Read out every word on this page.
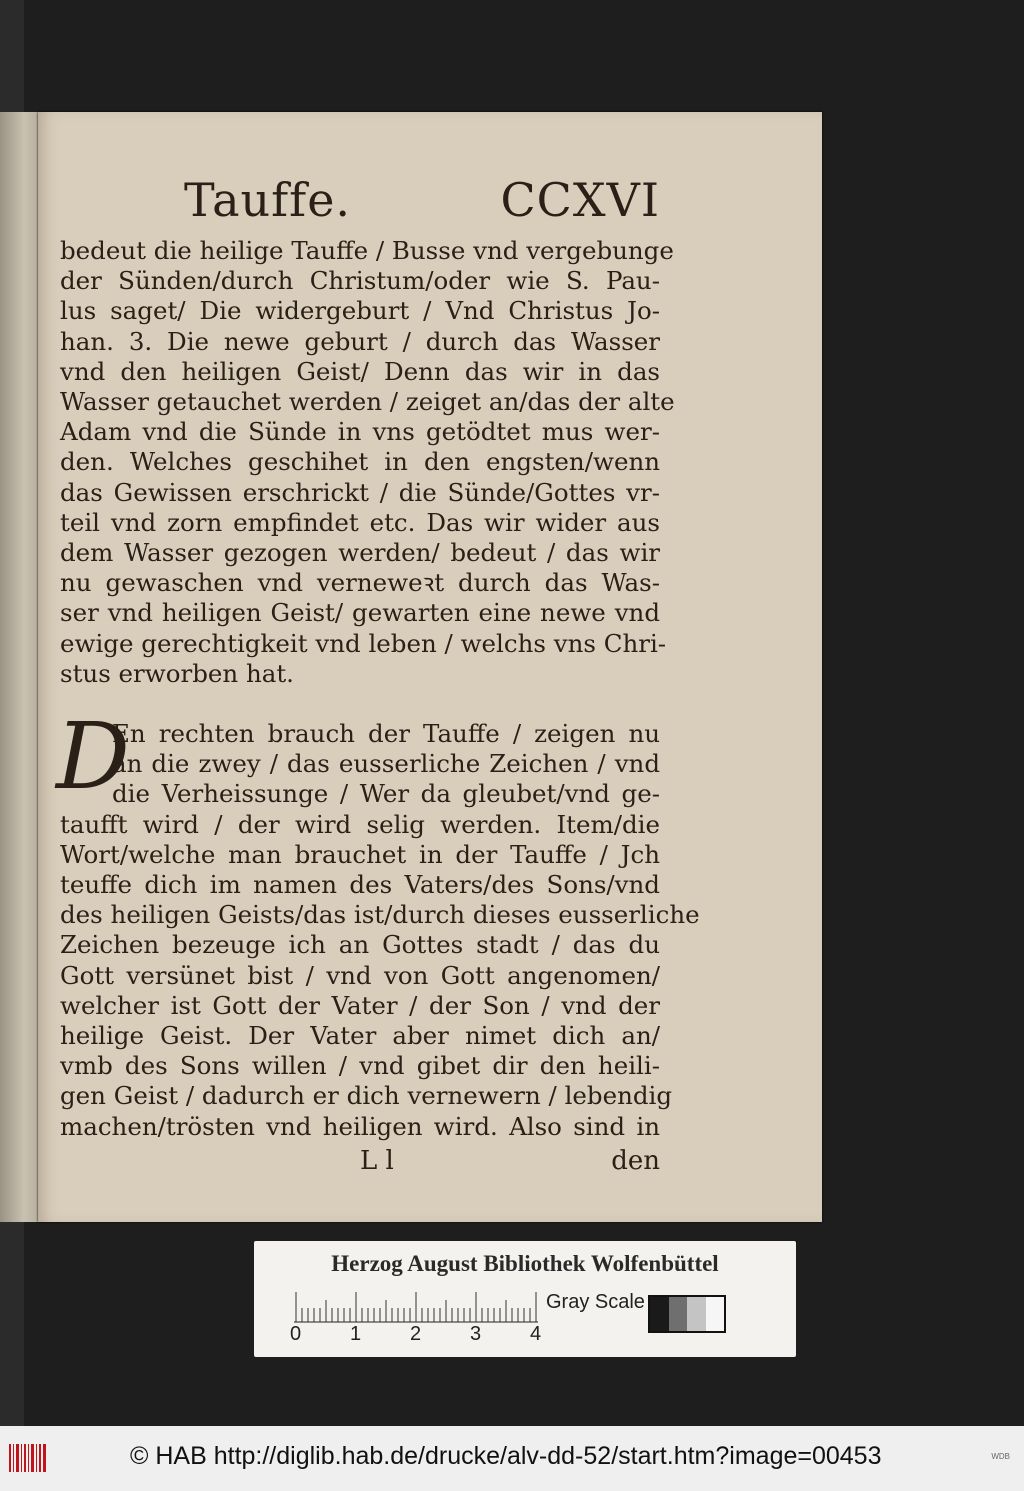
Tauffe.	CCXVI
bedeut die heilige Tauffe / Busse vnd vergebunge
der Sünden/durch Christum/oder wie S. Pau-
lus saget/ Die widergeburt / Vnd Christus Jo-
han. 3. Die newe geburt / durch das Wasser
vnd den heiligen Geist/ Denn das wir in das
Wasser getauchet werden / zeiget an/das der alte
Adam vnd die Sünde in vns getödtet mus wer-
den. Welches geschihet in den engsten/wenn
das Gewissen erschrickt / die Sünde/Gottes vr-
teil vnd zorn empfindet etc. Das wir wider aus
dem Wasser gezogen werden/ bedeut / das wir
nu gewaschen vnd verneweꝛt durch das Was-
ser vnd heiligen Geist/ gewarten eine newe vnd
ewige gerechtigkeit vnd leben / welchs vns Chri-
stus erworben hat.
D
En rechten brauch der Tauffe / zeigen nu
an die zwey / das eusserliche Zeichen / vnd
die Verheissunge / Wer da gleubet/vnd ge-
taufft wird / der wird selig werden. Item/die
Wort/welche man brauchet in der Tauffe / Jch
teuffe dich im namen des Vaters/des Sons/vnd
des heiligen Geists/das ist/durch dieses eusserliche
Zeichen bezeuge ich an Gottes stadt / das du
Gott versünet bist / vnd von Gott angenomen/
welcher ist Gott der Vater / der Son / vnd der
heilige Geist. Der Vater aber nimet dich an/
vmb des Sons willen / vnd gibet dir den heili-
gen Geist / dadurch er dich vernewern / lebendig
machen/trösten vnd heiligen wird. Also sind in
L l	den
Herzog August Bibliothek Wolfenbüttel
0 1 2 3 4
Gray Scale
© HAB http://diglib.hab.de/drucke/alv-dd-52/start.htm?image=00453	WDB
